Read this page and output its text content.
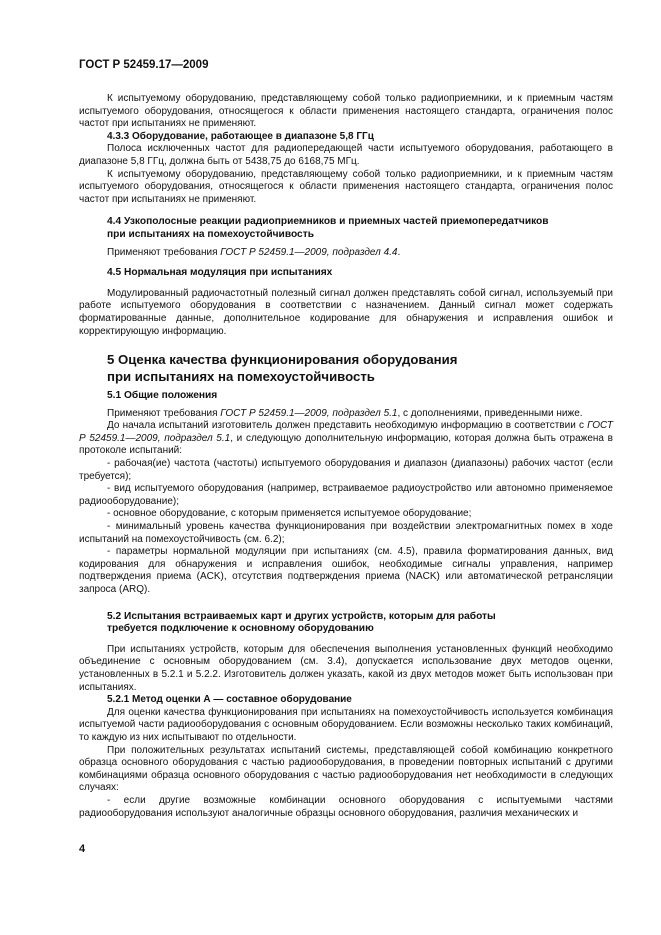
ГОСТ Р 52459.17—2009

К испытуемому оборудованию, представляющему собой только радиоприемники, и к приемным частям испытуемого оборудования, относящегося к области применения настоящего стандарта, ограничения полос частот при испытаниях не применяют.

4.3.3 Оборудование, работающее в диапазоне 5,8 ГГц

Полоса исключенных частот для радиопередающей части испытуемого оборудования, работающего в диапазоне 5,8 ГГц, должна быть от 5438,75 до 6168,75 МГц.

К испытуемому оборудованию, представляющему собой только радиоприемники, и к приемным частям испытуемого оборудования, относящегося к области применения настоящего стандарта, ограничения полос частот при испытаниях не применяют.

4.4 Узкополосные реакции радиоприемников и приемных частей приемопередатчиков
при испытаниях на помехоустойчивость

Применяют требования ГОСТ Р 52459.1—2009, подраздел 4.4.

4.5 Нормальная модуляция при испытаниях

Модулированный радиочастотный полезный сигнал должен представлять собой сигнал, используемый при работе испытуемого оборудования в соответствии с назначением. Данный сигнал может содержать форматированные данные, дополнительное кодирование для обнаружения и исправления ошибок и корректирующую информацию.

5 Оценка качества функционирования оборудования
при испытаниях на помехоустойчивость
5.1 Общие положения

Применяют требования ГОСТ Р 52459.1—2009, подраздел 5.1, с дополнениями, приведенными ниже.

До начала испытаний изготовитель должен представить необходимую информацию в соответствии с ГОСТ Р 52459.1—2009, подраздел 5.1, и следующую дополнительную информацию, которая должна быть отражена в протоколе испытаний:

- рабочая(ие) частота (частоты) испытуемого оборудования и диапазон (диапазоны) рабочих частот (если требуется);

- вид испытуемого оборудования (например, встраиваемое радиоустройство или автономно применяемое радиооборудование);

- основное оборудование, с которым применяется испытуемое оборудование;

- минимальный уровень качества функционирования при воздействии электромагнитных помех в ходе испытаний на помехоустойчивость (см. 6.2);

- параметры нормальной модуляции при испытаниях (см. 4.5), правила форматирования данных, вид кодирования для обнаружения и исправления ошибок, необходимые сигналы управления, например подтверждения приема (ACK), отсутствия подтверждения приема (NACK) или автоматической ретрансляции запроса (ARQ).

5.2 Испытания встраиваемых карт и других устройств, которым для работы
требуется подключение к основному оборудованию

При испытаниях устройств, которым для обеспечения выполнения установленных функций необходимо объединение с основным оборудованием (см. 3.4), допускается использование двух методов оценки, установленных в 5.2.1 и 5.2.2. Изготовитель должен указать, какой из двух методов может быть использован при испытаниях.

5.2.1 Метод оценки А — составное оборудование

Для оценки качества функционирования при испытаниях на помехоустойчивость используется комбинация испытуемой части радиооборудования с основным оборудованием. Если возможны несколько таких комбинаций, то каждую из них испытывают по отдельности.

При положительных результатах испытаний системы, представляющей собой комбинацию конкретного образца основного оборудования с частью радиооборудования, в проведении повторных испытаний с другими комбинациями образца основного оборудования с частью радиооборудования нет необходимости в следующих случаях:

- если другие возможные комбинации основного оборудования с испытуемыми частями радиооборудования используют аналогичные образцы основного оборудования, различия механических и

4
